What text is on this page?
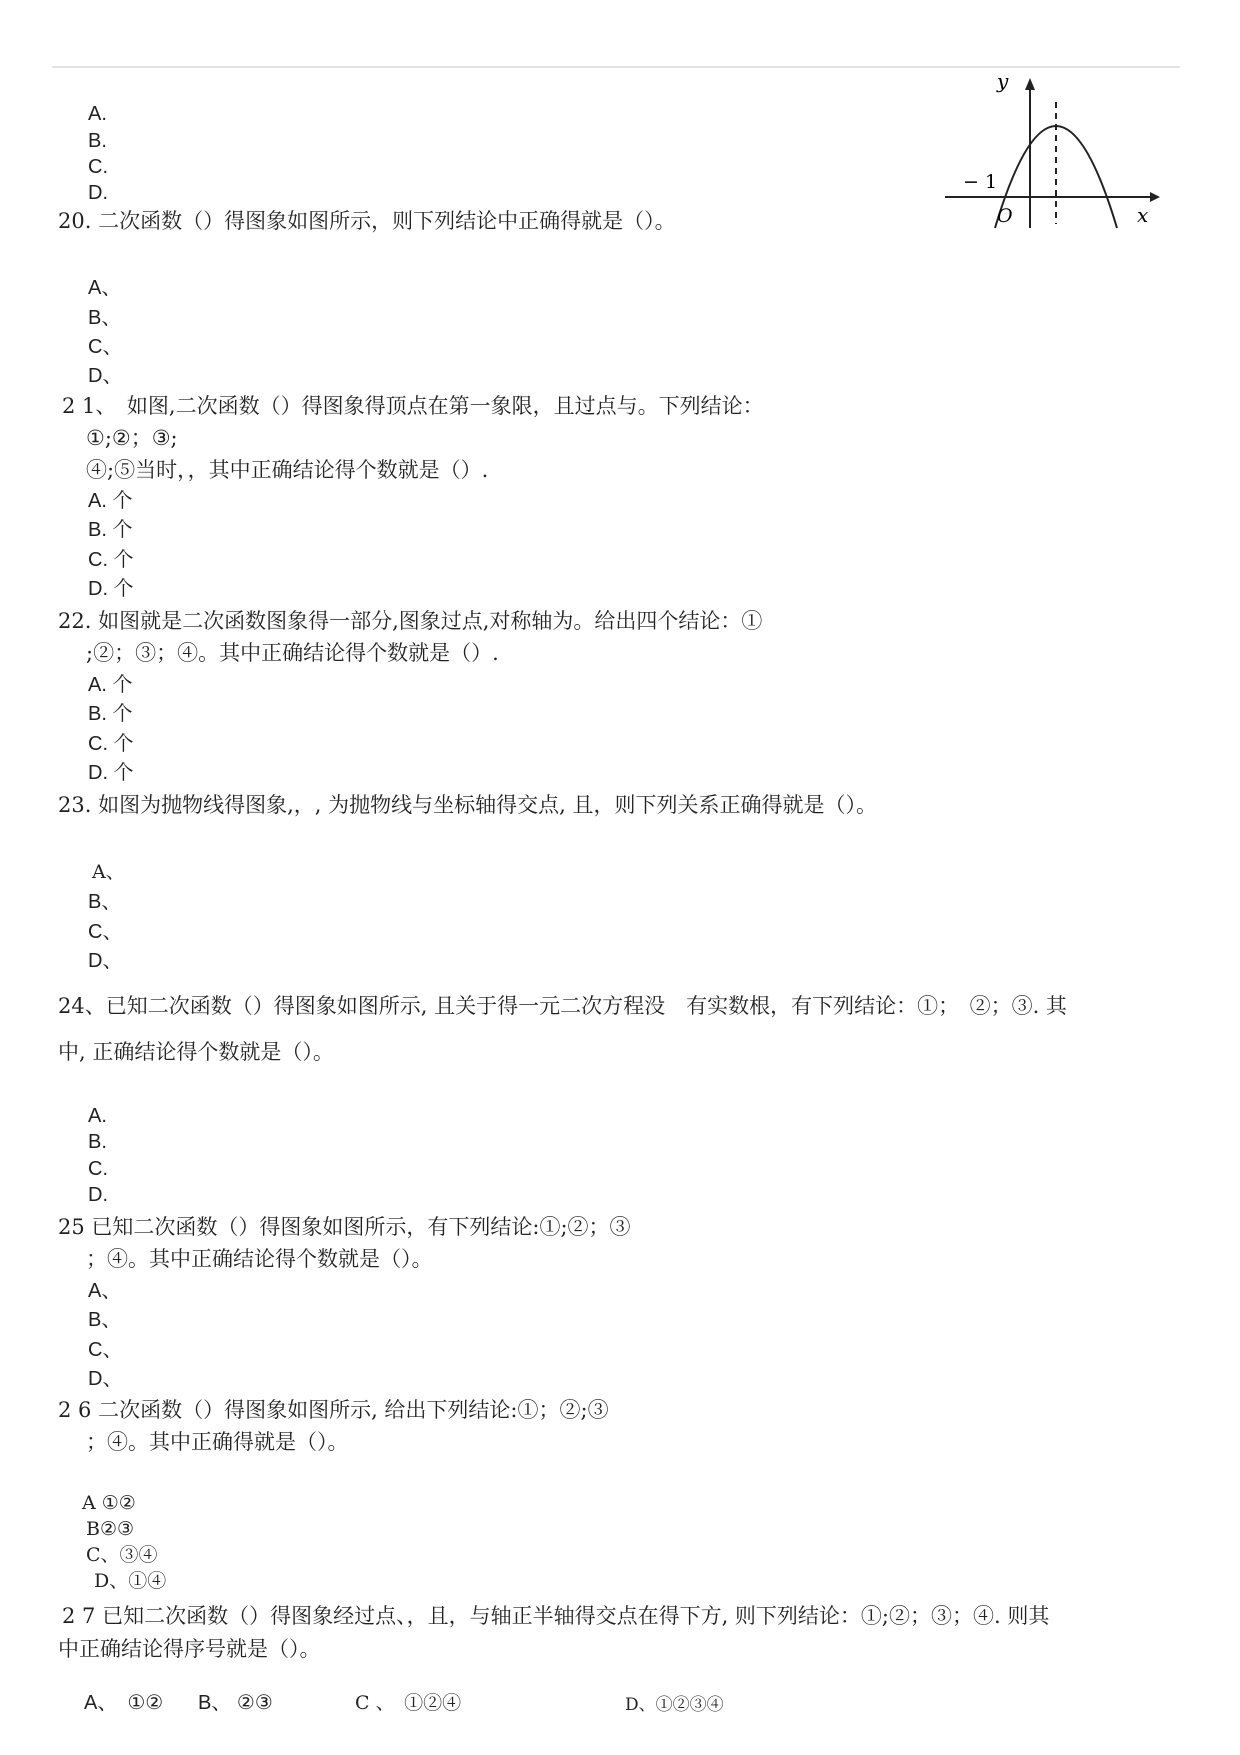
y
x
O
− 1
A.
B.
C.
D.
20. 二次函数（）得图象如图所示，则下列结论中正确得就是（）。
A、
B、
C、
D、
2 1、　如图,二次函数（）得图象得顶点在第一象限，且过点与。下列结论：
①;②；③;
④;⑤当时，，其中正确结论得个数就是（）.
A. 个
B. 个
C. 个
D. 个
22. 如图就是二次函数图象得一部分,图象过点,对称轴为。给出四个结论：①
;②；③；④。其中正确结论得个数就是（）.
A. 个
B. 个
C. 个
D. 个
23. 如图为抛物线得图象,，, 为抛物线与坐标轴得交点, 且，则下列关系正确得就是（）。
A、
B、
C、
D、
24、已知二次函数（）得图象如图所示, 且关于得一元二次方程没　有实数根，有下列结论：①；　②；③. 其
中, 正确结论得个数就是（）。
A.
B.
C.
D.
25 已知二次函数（）得图象如图所示，有下列结论:①;②；③
；④。其中正确结论得个数就是（）。
A、
B、
C、
D、
2 6 二次函数（）得图象如图所示, 给出下列结论:①；②;③
；④。其中正确得就是（）。
A ①②
B②③
C、③④
D、①④
2 7 已知二次函数（）得图象经过点、，且，与轴正半轴得交点在得下方, 则下列结论：①;②；③；④. 则其
中正确结论得序号就是（）。
A、　①② B、 ②③	C 、　①②④	D、①②③④
